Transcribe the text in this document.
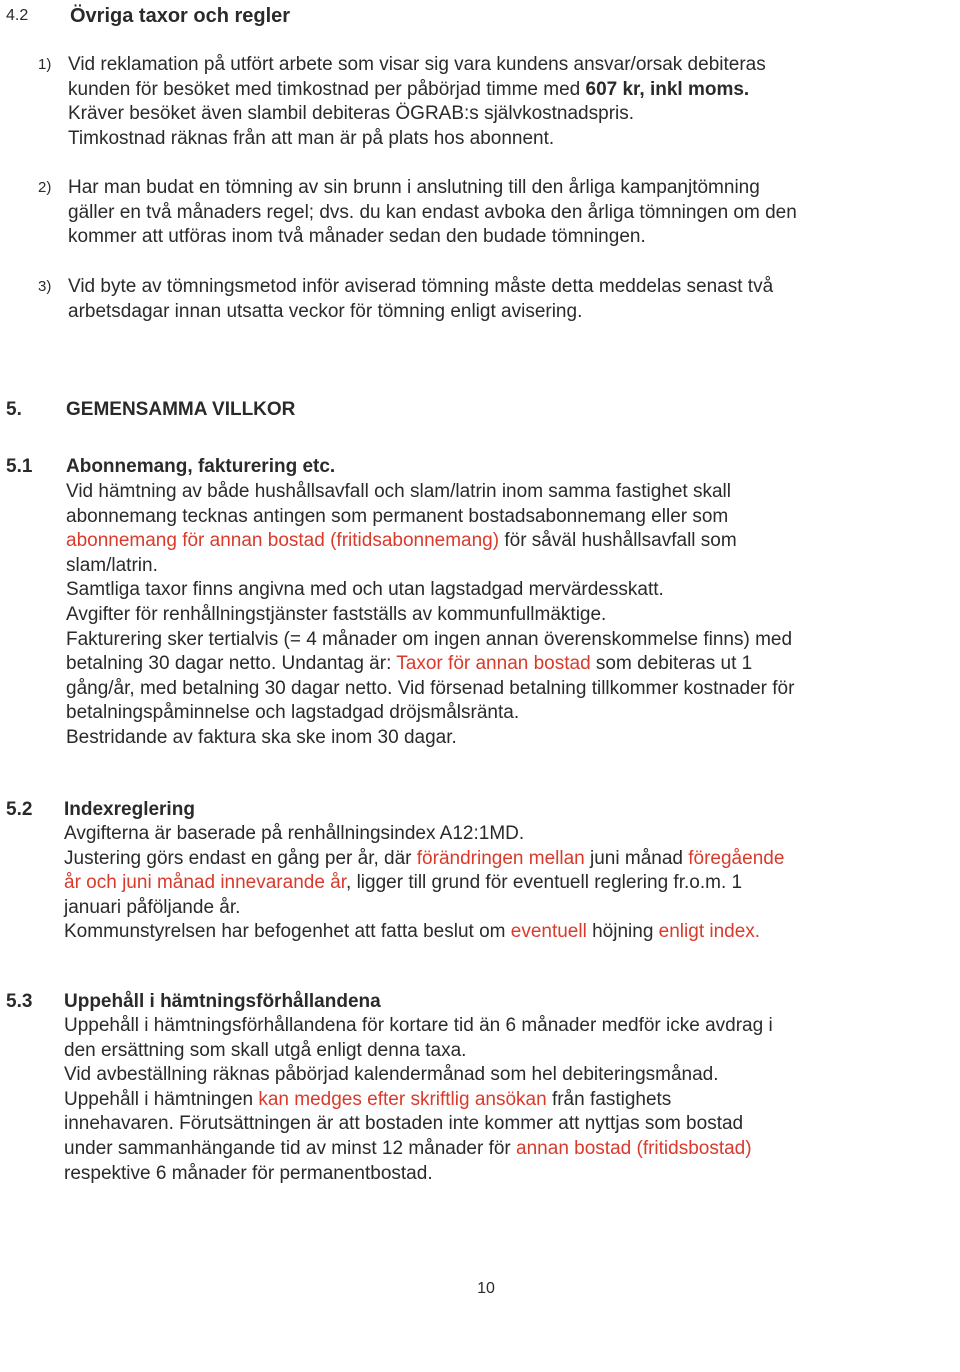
4.2 Övriga taxor och regler
1) Vid reklamation på utfört arbete som visar sig vara kundens ansvar/orsak debiteras
kunden för besöket med timkostnad per påbörjad timme med 607 kr, inkl moms.
Kräver besöket även slambil debiteras ÖGRAB:s självkostnadspris.
Timkostnad räknas från att man är på plats hos abonnent.
2) Har man budat en tömning av sin brunn i anslutning till den årliga kampanjtömning
gäller en två månaders regel; dvs. du kan endast avboka den årliga tömningen om den
kommer att utföras inom två månader sedan den budade tömningen.
3) Vid byte av tömningsmetod inför aviserad tömning måste detta meddelas senast två
arbetsdagar innan utsatta veckor för tömning enligt avisering.
5. GEMENSAMMA VILLKOR
5.1 Abonnemang, fakturering etc.
Vid hämtning av både hushållsavfall och slam/latrin inom samma fastighet skall
abonnemang tecknas antingen som permanent bostadsabonnemang eller som
abonnemang för annan bostad (fritidsabonnemang) för såväl hushållsavfall som
slam/latrin.
Samtliga taxor finns angivna med och utan lagstadgad mervärdesskatt.
Avgifter för renhållningstjänster fastställs av kommunfullmäktige.
Fakturering sker tertialvis (= 4 månader om ingen annan överenskommelse finns) med
betalning 30 dagar netto. Undantag är: Taxor för annan bostad som debiteras ut 1
gång/år, med betalning 30 dagar netto. Vid försenad betalning tillkommer kostnader för
betalningspåminnelse och lagstadgad dröjsmålsränta.
Bestridande av faktura ska ske inom 30 dagar.
5.2 Indexreglering
Avgifterna är baserade på renhållningsindex A12:1MD.
Justering görs endast en gång per år, där förändringen mellan juni månad föregående
år och juni månad innevarande år, ligger till grund för eventuell reglering fr.o.m. 1
januari påföljande år.
Kommunstyrelsen har befogenhet att fatta beslut om eventuell höjning enligt index.
5.3 Uppehåll i hämtningsförhållandena
Uppehåll i hämtningsförhållandena för kortare tid än 6 månader medför icke avdrag i
den ersättning som skall utgå enligt denna taxa.
Vid avbeställning räknas påbörjad kalendermånad som hel debiteringsmånad.
Uppehåll i hämtningen kan medges efter skriftlig ansökan från fastighets
innehavaren. Förutsättningen är att bostaden inte kommer att nyttjas som bostad
under sammanhängande tid av minst 12 månader för annan bostad (fritidsbostad)
respektive 6 månader för permanentbostad.
10
